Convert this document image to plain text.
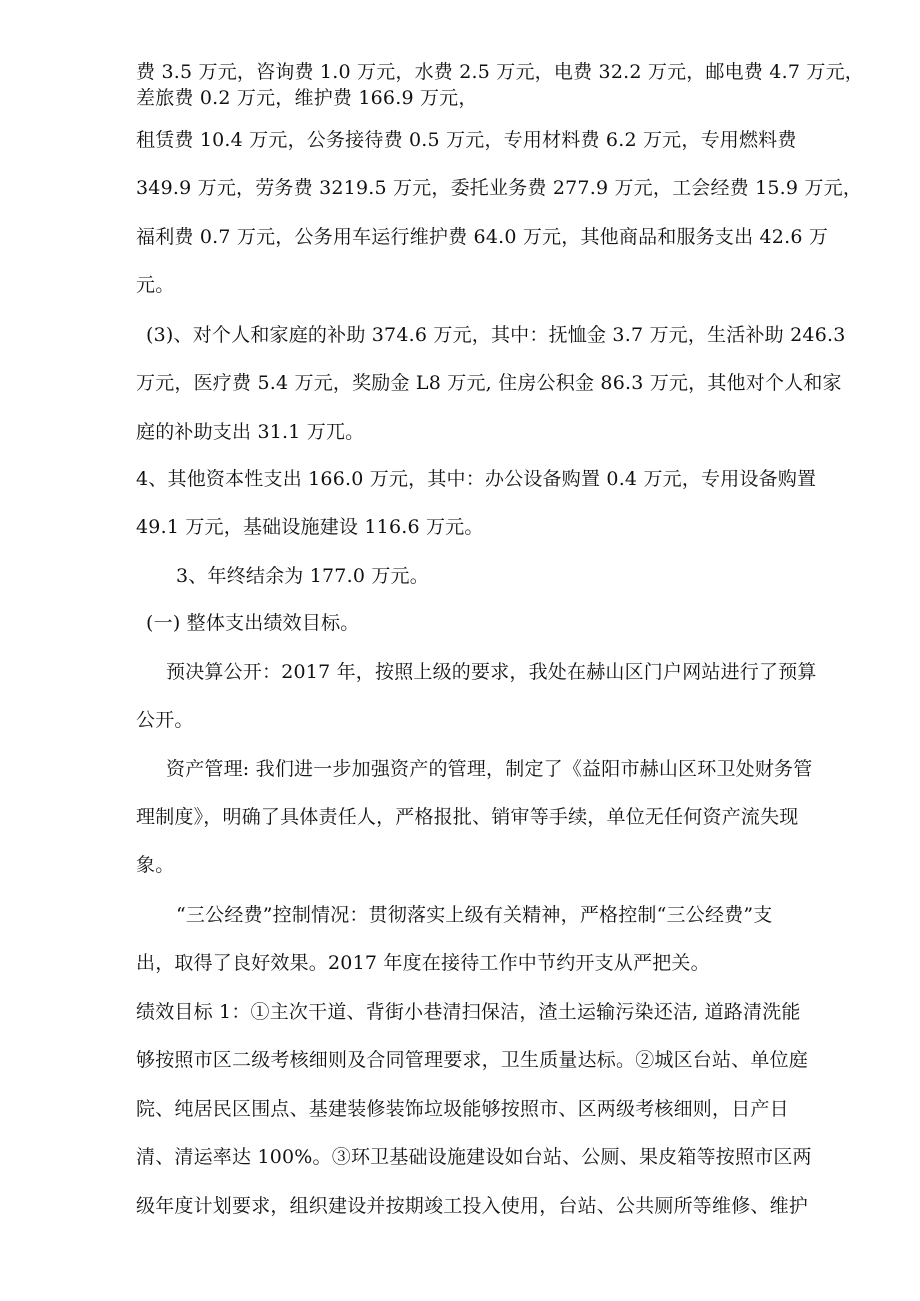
费 3.5 万元，咨询费 1.0 万元，水费 2.5 万元，电费 32.2 万元，邮电费 4.7 万元，

差旅费 0.2 万元，维护费 166.9 万元，

租赁费 10.4 万元，公务接待费 0.5 万元，专用材料费 6.2 万元，专用燃料费

349.9 万元，劳务费 3219.5 万元，委托业务费 277.9 万元，工会经费 15.9 万元，

福利费 0.7 万元，公务用车运行维护费 64.0 万元，其他商品和服务支出 42.6 万

元。

(3)、对个人和家庭的补助 374.6 万元，其中：抚恤金 3.7 万元，生活补助 246.3

万元，医疗费 5.4 万元，奖励金 L8 万元, 住房公积金 86.3 万元，其他对个人和家

庭的补助支出 31.1 万兀。

4、其他资本性支出 166.0 万元，其中：办公设备购置 0.4 万元，专用设备购置

49.1 万元，基础设施建设 116.6 万元。

3、年终结余为 177.0 万元。

(一) 整体支出绩效目标。

预决算公开：2017 年，按照上级的要求，我处在赫山区门户网站进行了预算

公开。

资产管理: 我们进一步加强资产的管理，制定了《益阳市赫山区环卫处财务管

理制度》，明确了具体责任人，严格报批、销审等手续，单位无任何资产流失现

象。

“三公经费”控制情况：贯彻落实上级有关精神，严格控制“三公经费”支

出，取得了良好效果。2017 年度在接待工作中节约开支从严把关。

绩效目标 1：①主次干道、背街小巷清扫保洁，渣土运输污染还洁, 道路清洗能

够按照市区二级考核细则及合同管理要求，卫生质量达标。②城区台站、单位庭

院、纯居民区围点、基建装修装饰垃圾能够按照市、区两级考核细则，日产日

清、清运率达 100%。③环卫基础设施建设如台站、公厕、果皮箱等按照市区两

级年度计划要求，组织建设并按期竣工投入使用，台站、公共厕所等维修、维护
